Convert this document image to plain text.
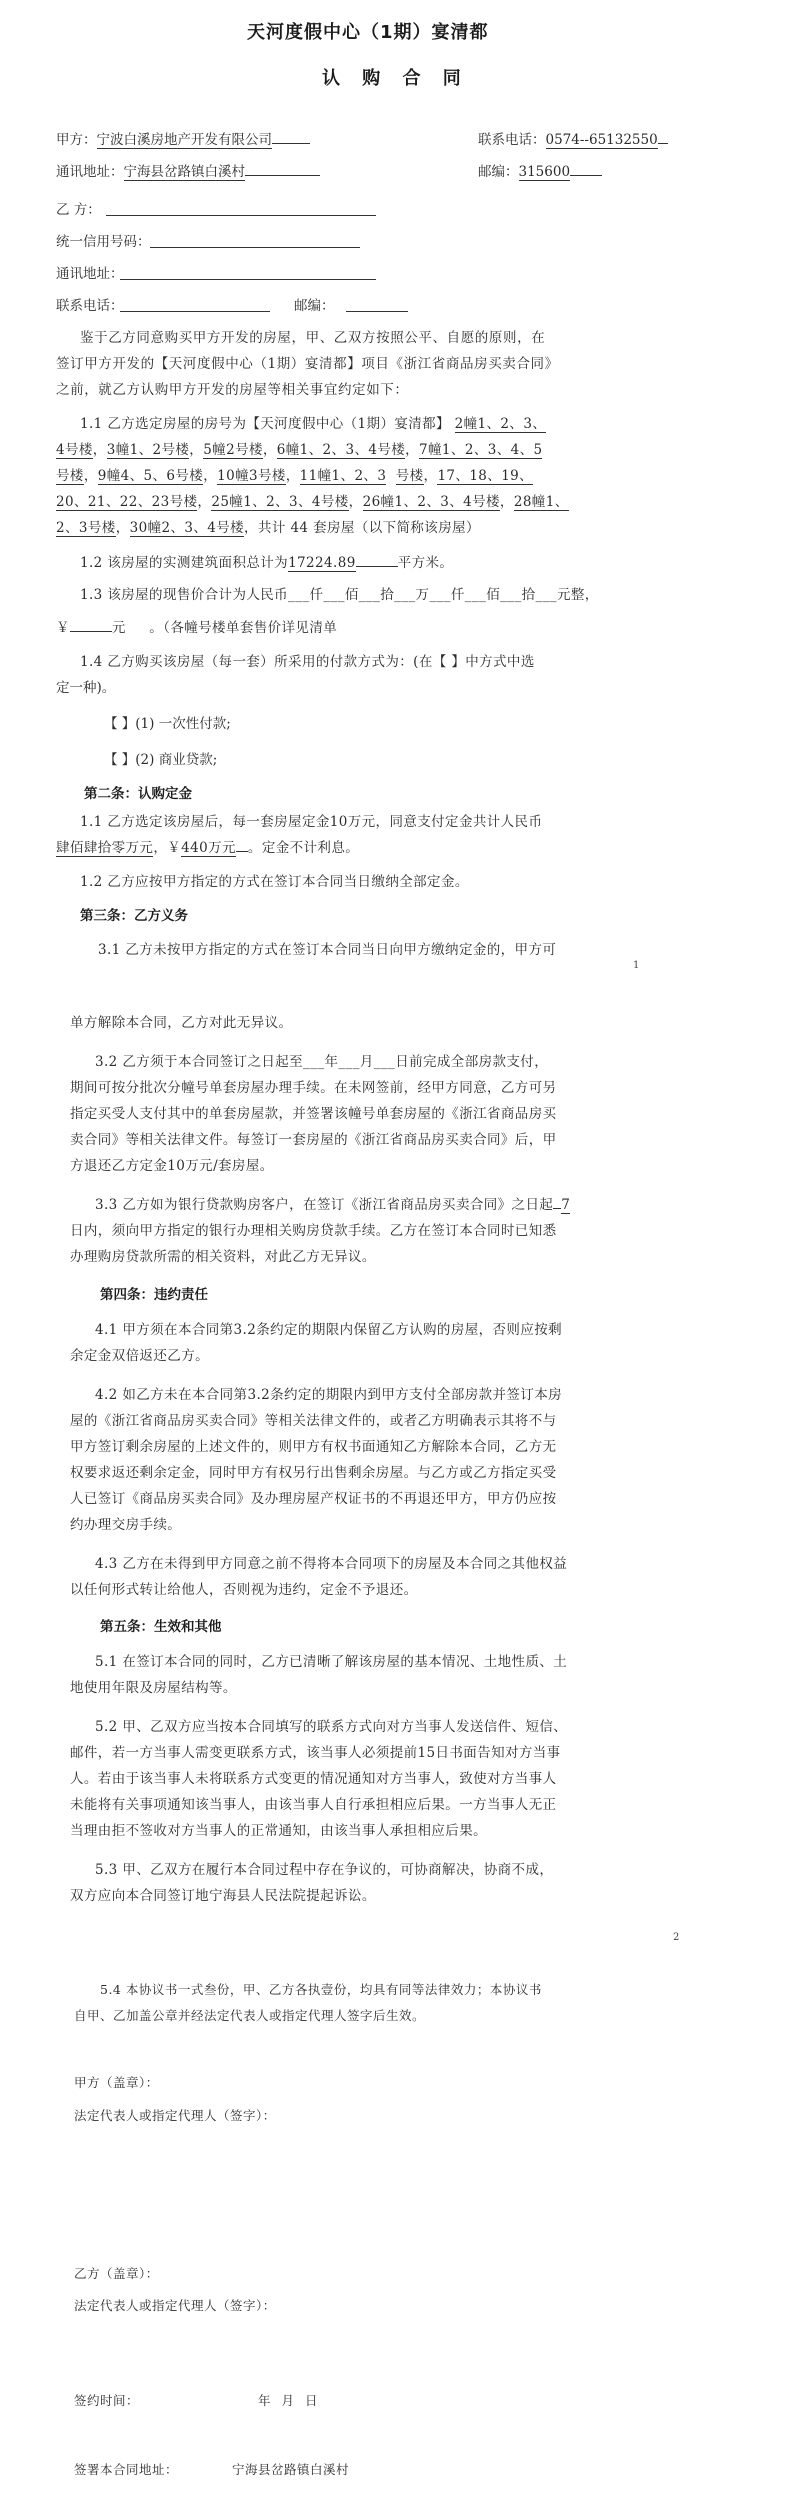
天河度假中心（1期）宴清都
认 购 合 同
甲方：宁波白溪房地产开发有限公司	联系电话：0574--65132550
通讯地址：宁海县岔路镇白溪村	邮编：315600
乙 方：
统一信用号码：
通讯地址：
联系电话：	邮编：
鉴于乙方同意购买甲方开发的房屋，甲、乙双方按照公平、自愿的原则，在
签订甲方开发的【天河度假中心（1期）宴清都】项目《浙江省商品房买卖合同》
之前，就乙方认购甲方开发的房屋等相关事宜约定如下：
1.1 乙方选定房屋的房号为【天河度假中心（1期）宴清都】 2幢1、2、3、
4号楼，3幢1、2号楼，5幢2号楼，6幢1、2、3、4号楼，7幢1、2、3、4、5
号楼，9幢4、5、6号楼，10幢3号楼，11幢1、2、3 号楼，17、18、19、
20、21、22、23号楼，25幢1、2、3、4号楼，26幢1、2、3、4号楼，28幢1、
2、3号楼，30幢2、3、4号楼，共计 44 套房屋（以下简称该房屋）
1.2 该房屋的实测建筑面积总计为17224.89	平方米。
1.3 该房屋的现售价合计为人民币___仟___佰___拾___万___仟___佰___拾___元整，
￥	元 。（各幢号楼单套售价详见清单
1.4 乙方购买该房屋（每一套）所采用的付款方式为：(在【 】中方式中选
定一种)。
【 】(1) 一次性付款;
【 】(2) 商业贷款;
第二条：认购定金
1.1 乙方选定该房屋后，每一套房屋定金10万元，同意支付定金共计人民币
肆佰肆拾零万元，￥440万元 。定金不计利息。
1.2 乙方应按甲方指定的方式在签订本合同当日缴纳全部定金。
第三条：乙方义务
3.1 乙方未按甲方指定的方式在签订本合同当日向甲方缴纳定金的，甲方可
1
单方解除本合同，乙方对此无异议。
3.2 乙方须于本合同签订之日起至___年___月___日前完成全部房款支付，
期间可按分批次分幢号单套房屋办理手续。在未网签前，经甲方同意，乙方可另
指定买受人支付其中的单套房屋款，并签署该幢号单套房屋的《浙江省商品房买
卖合同》等相关法律文件。每签订一套房屋的《浙江省商品房买卖合同》后，甲
方退还乙方定金10万元/套房屋。
3.3 乙方如为银行贷款购房客户，在签订《浙江省商品房买卖合同》之日起 7
日内，须向甲方指定的银行办理相关购房贷款手续。乙方在签订本合同时已知悉
办理购房贷款所需的相关资料，对此乙方无异议。
第四条：违约责任
4.1 甲方须在本合同第3.2条约定的期限内保留乙方认购的房屋，否则应按剩
余定金双倍返还乙方。
4.2 如乙方未在本合同第3.2条约定的期限内到甲方支付全部房款并签订本房
屋的《浙江省商品房买卖合同》等相关法律文件的，或者乙方明确表示其将不与
甲方签订剩余房屋的上述文件的，则甲方有权书面通知乙方解除本合同，乙方无
权要求返还剩余定金，同时甲方有权另行出售剩余房屋。与乙方或乙方指定买受
人已签订《商品房买卖合同》及办理房屋产权证书的不再退还甲方，甲方仍应按
约办理交房手续。
4.3 乙方在未得到甲方同意之前不得将本合同项下的房屋及本合同之其他权益
以任何形式转让给他人，否则视为违约，定金不予退还。
第五条：生效和其他
5.1 在签订本合同的同时，乙方已清晰了解该房屋的基本情况、土地性质、土
地使用年限及房屋结构等。
5.2 甲、乙双方应当按本合同填写的联系方式向对方当事人发送信件、短信、
邮件，若一方当事人需变更联系方式，该当事人必须提前15日书面告知对方当事
人。若由于该当事人未将联系方式变更的情况通知对方当事人，致使对方当事人
未能将有关事项通知该当事人，由该当事人自行承担相应后果。一方当事人无正
当理由拒不签收对方当事人的正常通知，由该当事人承担相应后果。
5.3 甲、乙双方在履行本合同过程中存在争议的，可协商解决，协商不成，
双方应向本合同签订地宁海县人民法院提起诉讼。
2
5.4 本协议书一式叁份，甲、乙方各执壹份，均具有同等法律效力；本协议书
自甲、乙加盖公章并经法定代表人或指定代理人签字后生效。
甲方（盖章）：
法定代表人或指定代理人（签字）：
乙方（盖章）：
法定代表人或指定代理人（签字）：
签约时间：	年 月 日
签署本合同地址：	宁海县岔路镇白溪村
